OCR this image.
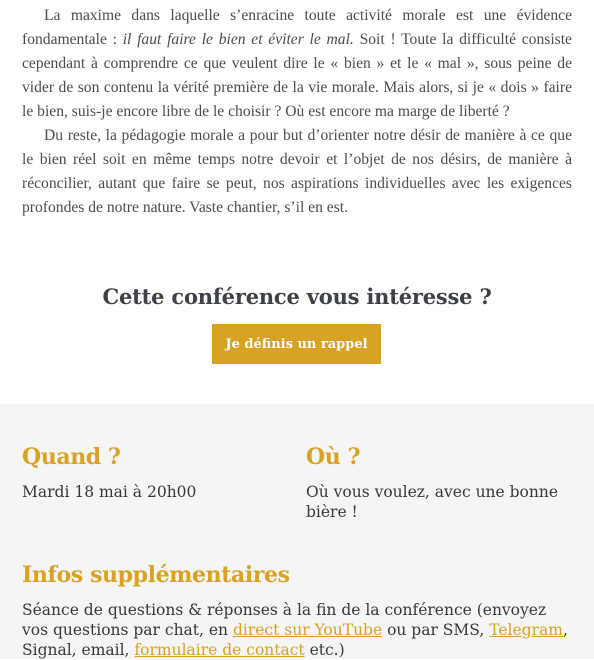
La maxime dans laquelle s’enracine toute activité morale est une évidence fondamentale : il faut faire le bien et éviter le mal. Soit ! Toute la difficulté consiste cependant à comprendre ce que veulent dire le « bien » et le « mal », sous peine de vider de son contenu la vérité première de la vie morale. Mais alors, si je « dois » faire le bien, suis-je encore libre de le choisir ? Où est encore ma marge de liberté ?

Du reste, la pédagogie morale a pour but d’orienter notre désir de manière à ce que le bien réel soit en même temps notre devoir et l’objet de nos désirs, de manière à réconcilier, autant que faire se peut, nos aspirations individuelles avec les exigences profondes de notre nature. Vaste chantier, s’il en est.

Cette conférence vous intéresse ?
Je définis un rappel
Quand ?

Mardi 18 mai à 20h00

Où ?

Où vous voulez, avec une bonne bière !

Infos supplémentaires

Séance de questions & réponses à la fin de la conférence (envoyez vos questions par chat, en direct sur YouTube ou par SMS, Telegram, Signal, email, formulaire de contact etc.)
